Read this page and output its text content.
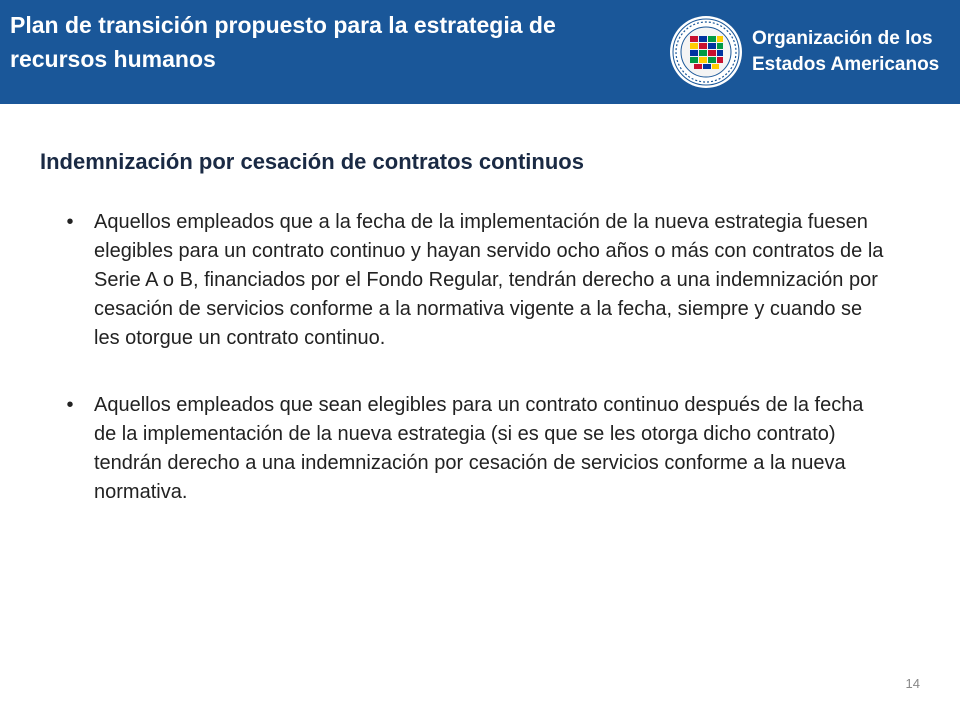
Plan de transición propuesto para la estrategia de recursos humanos
Organización de los Estados Americanos
Indemnización por cesación de contratos continuos
•	Aquellos empleados que a la fecha de la implementación de la nueva estrategia fuesen elegibles para un contrato continuo y hayan servido ocho años o más con contratos de la Serie A o B, financiados por el Fondo Regular, tendrán derecho a una indemnización por cesación de servicios conforme a la normativa vigente a la fecha, siempre y cuando se les otorgue un contrato continuo.
•	Aquellos empleados que sean elegibles para un contrato continuo después de la fecha de la implementación de la nueva estrategia (si es que se les otorga dicho contrato) tendrán derecho a una indemnización por cesación de servicios conforme a la nueva normativa.
14
